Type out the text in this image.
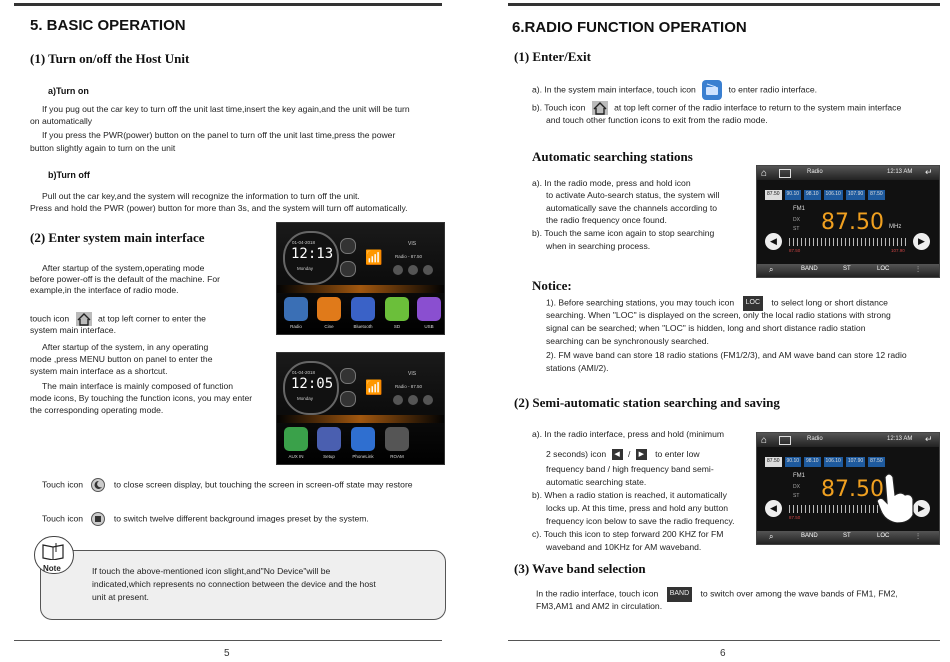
5. BASIC OPERATION
(1) Turn on/off the Host Unit
a)Turn on
If you pug out the car key to turn off the unit last time,insert the key again,and the unit will be turn
on automatically
If you press the PWR(power) button on the panel to turn off the unit last time,press the power
button slightly again to turn on the unit
b)Turn off
Pull out the car key,and the system will recognize the information to turn off the unit.
Press and hold the PWR (power) button for more than 3s, and the system will turn off automatically.
(2) Enter system main interface
After startup of the system,operating mode
before power-off is the default of the machine. For
example,in the interface of radio mode.
touch icon	at top left corner to enter the
system main interface.
After startup of the system, in any operating
mode ,press MENU button on panel to enter the
system main interface as a shortcut.
The main interface is mainly composed of function
mode icons, By touching the function icons, you may enter
the corresponding operating mode.
01-04-2018
12:13
Monday
📶
VIS
Radio - 87.50
Radio	Cine	Bluetooth	SD	USB
01-04-2018
12:05
Monday
📶
VIS
Radio - 87.50
AUX IN	Setup	PhoneLink	ROAM
Touch icon	to close screen display, but touching the screen in screen-off state may restore
Touch icon	to switch twelve different background images preset by the system.
Note	If touch the above-mentioned icon slight,and"No Device"will be
indicated,which represents no connection between the device and the host
unit at present.
5
6.RADIO FUNCTION OPERATION
(1) Enter/Exit
a). In the system main interface, touch icon	to enter radio interface.
b). Touch icon	at top left corner of the radio interface to return to the system main interface
and touch other function icons to exit from the radio mode.
Automatic searching stations
a). In the radio mode, press and hold icon
to activate Auto-search status, the system will
automatically save the channels according to
the radio frequency once found.
b). Touch the same icon again to stop searching
when in searching process.
⌂	Radio	12:13 AM ↵
87.50	90.10	98.10	106.10	107.90	87.50
FM1
DX
ST 87.50 MHz
◀	▶
87.50	107.90
⌕	BAND	ST	LOC	⫶
Notice:
1). Before searching stations, you may touch icon LOC to select long or short distance
searching. When "LOC" is displayed on the screen, only the local radio stations with strong
signal can be searched; when "LOC" is hidden, long and short distance radio station
searching can be synchronously searched.
2). FM wave band can store 18 radio stations (FM1/2/3), and AM wave band can store 12 radio
stations (AMI/2).
(2) Semi-automatic station searching and saving
a). In the radio interface, press and hold (minimum
2 seconds) icon ◀ / ▶ to enter low
frequency band / high frequency band semi-
automatic searching state.
b). When a radio station is reached, it automatically
locks up. At this time, press and hold any button
frequency icon below to save the radio frequency.
c). Touch this icon to step forward 200 KHZ for FM
waveband and 10KHz for AM waveband.
⌂	Radio	12:13 AM ↵
87.50	90.10	98.10	106.10	107.90	87.50
FM1
DX
ST 87.50
◀	▶
87.50
⌕	BAND	ST	LOC	⫶
(3) Wave band selection
In the radio interface, touch icon BAND to switch over among the wave bands of FM1, FM2,
FM3,AM1 and AM2 in circulation.
6
